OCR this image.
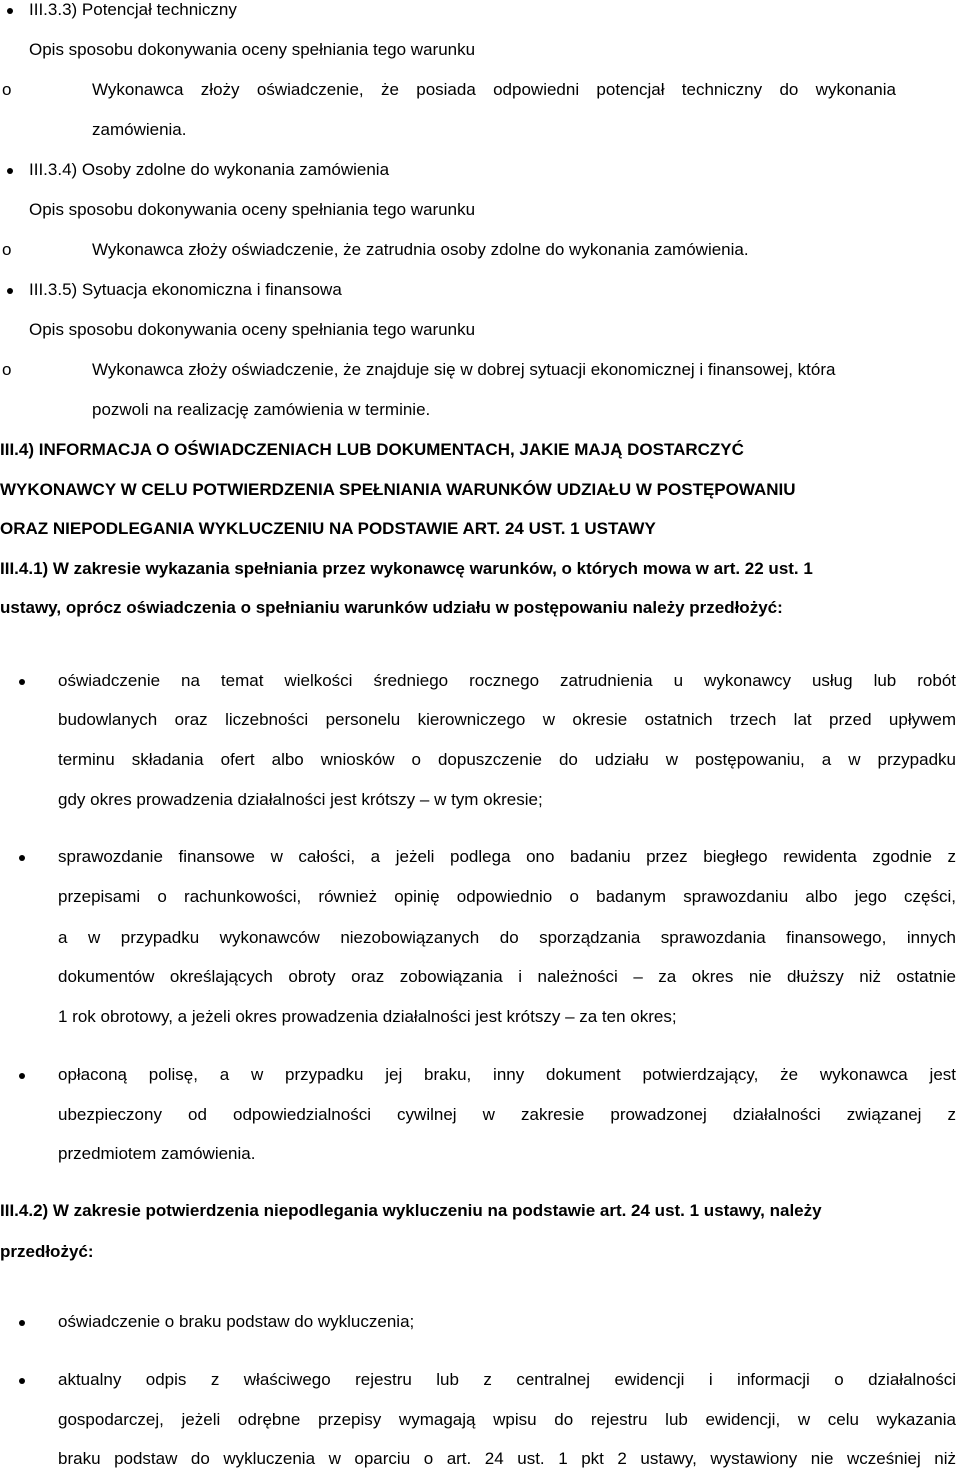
III.3.3) Potencjał techniczny
Opis sposobu dokonywania oceny spełniania tego warunku
o	Wykonawca złoży oświadczenie, że posiada odpowiedni potencjał techniczny do wykonania
zamówienia.
III.3.4) Osoby zdolne do wykonania zamówienia
Opis sposobu dokonywania oceny spełniania tego warunku
o	Wykonawca złoży oświadczenie, że zatrudnia osoby zdolne do wykonania zamówienia.
III.3.5) Sytuacja ekonomiczna i finansowa
Opis sposobu dokonywania oceny spełniania tego warunku
o	Wykonawca złoży oświadczenie, że znajduje się w dobrej sytuacji ekonomicznej i finansowej, która
pozwoli na realizację zamówienia w terminie.
III.4) INFORMACJA O OŚWIADCZENIACH LUB DOKUMENTACH, JAKIE MAJĄ DOSTARCZYĆ
WYKONAWCY W CELU POTWIERDZENIA SPEŁNIANIA WARUNKÓW UDZIAŁU W POSTĘPOWANIU
ORAZ NIEPODLEGANIA WYKLUCZENIU NA PODSTAWIE ART. 24 UST. 1 USTAWY
III.4.1) W zakresie wykazania spełniania przez wykonawcę warunków, o których mowa w art. 22 ust. 1
ustawy, oprócz oświadczenia o spełnianiu warunków udziału w postępowaniu należy przedłożyć:
oświadczenie na temat wielkości średniego rocznego zatrudnienia u wykonawcy usług lub robót
budowlanych oraz liczebności personelu kierowniczego w okresie ostatnich trzech lat przed upływem
terminu składania ofert albo wniosków o dopuszczenie do udziału w postępowaniu, a w przypadku
gdy okres prowadzenia działalności jest krótszy – w tym okresie;
sprawozdanie finansowe w całości, a jeżeli podlega ono badaniu przez biegłego rewidenta zgodnie z
przepisami o rachunkowości, również opinię odpowiednio o badanym sprawozdaniu albo jego części,
a w przypadku wykonawców niezobowiązanych do sporządzania sprawozdania finansowego, innych
dokumentów określających obroty oraz zobowiązania i należności – za okres nie dłuższy niż ostatnie
1 rok obrotowy, a jeżeli okres prowadzenia działalności jest krótszy – za ten okres;
opłaconą polisę, a w przypadku jej braku, inny dokument potwierdzający, że wykonawca jest
ubezpieczony od odpowiedzialności cywilnej w zakresie prowadzonej działalności związanej z
przedmiotem zamówienia.
III.4.2) W zakresie potwierdzenia niepodlegania wykluczeniu na podstawie art. 24 ust. 1 ustawy, należy
przedłożyć:
oświadczenie o braku podstaw do wykluczenia;
aktualny odpis z właściwego rejestru lub z centralnej ewidencji i informacji o działalności
gospodarczej, jeżeli odrębne przepisy wymagają wpisu do rejestru lub ewidencji, w celu wykazania
braku podstaw do wykluczenia w oparciu o art. 24 ust. 1 pkt 2 ustawy, wystawiony nie wcześniej niż
